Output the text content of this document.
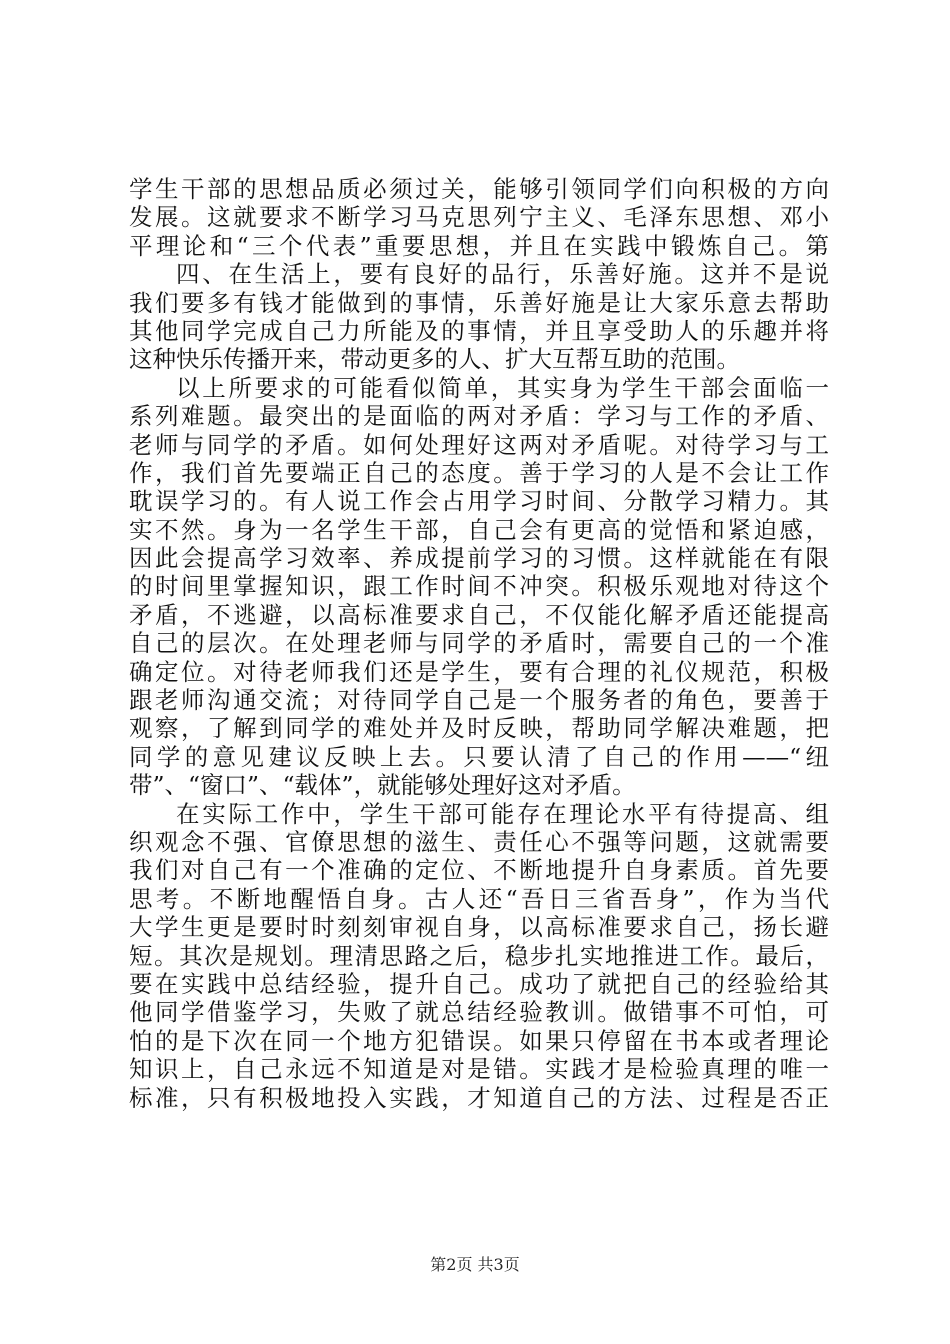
学生干部的思想品质必须过关，能够引领同学们向积极的方向
发展。这就要求不断学习马克思列宁主义、毛泽东思想、邓小
平理论和“三个代表”重要思想，并且在实践中锻炼自己。第
四、在生活上，要有良好的品行，乐善好施。这并不是说
我们要多有钱才能做到的事情，乐善好施是让大家乐意去帮助
其他同学完成自己力所能及的事情，并且享受助人的乐趣并将
这种快乐传播开来，带动更多的人、扩大互帮互助的范围。
以上所要求的可能看似简单，其实身为学生干部会面临一
系列难题。最突出的是面临的两对矛盾：学习与工作的矛盾、
老师与同学的矛盾。如何处理好这两对矛盾呢。对待学习与工
作，我们首先要端正自己的态度。善于学习的人是不会让工作
耽误学习的。有人说工作会占用学习时间、分散学习精力。其
实不然。身为一名学生干部，自己会有更高的觉悟和紧迫感，
因此会提高学习效率、养成提前学习的习惯。这样就能在有限
的时间里掌握知识，跟工作时间不冲突。积极乐观地对待这个
矛盾，不逃避，以高标准要求自己，不仅能化解矛盾还能提高
自己的层次。在处理老师与同学的矛盾时，需要自己的一个准
确定位。对待老师我们还是学生，要有合理的礼仪规范，积极
跟老师沟通交流；对待同学自己是一个服务者的角色，要善于
观察，了解到同学的难处并及时反映，帮助同学解决难题，把
同学的意见建议反映上去。只要认清了自己的作用——“纽
带”、“窗口”、“载体”，就能够处理好这对矛盾。
在实际工作中，学生干部可能存在理论水平有待提高、组
织观念不强、官僚思想的滋生、责任心不强等问题，这就需要
我们对自己有一个准确的定位、不断地提升自身素质。首先要
思考。不断地醒悟自身。古人还“吾日三省吾身”，作为当代
大学生更是要时时刻刻审视自身，以高标准要求自己，扬长避
短。其次是规划。理清思路之后，稳步扎实地推进工作。最后，
要在实践中总结经验，提升自己。成功了就把自己的经验给其
他同学借鉴学习，失败了就总结经验教训。做错事不可怕，可
怕的是下次在同一个地方犯错误。如果只停留在书本或者理论
知识上，自己永远不知道是对是错。实践才是检验真理的唯一
标准，只有积极地投入实践，才知道自己的方法、过程是否正
第2页 共3页
